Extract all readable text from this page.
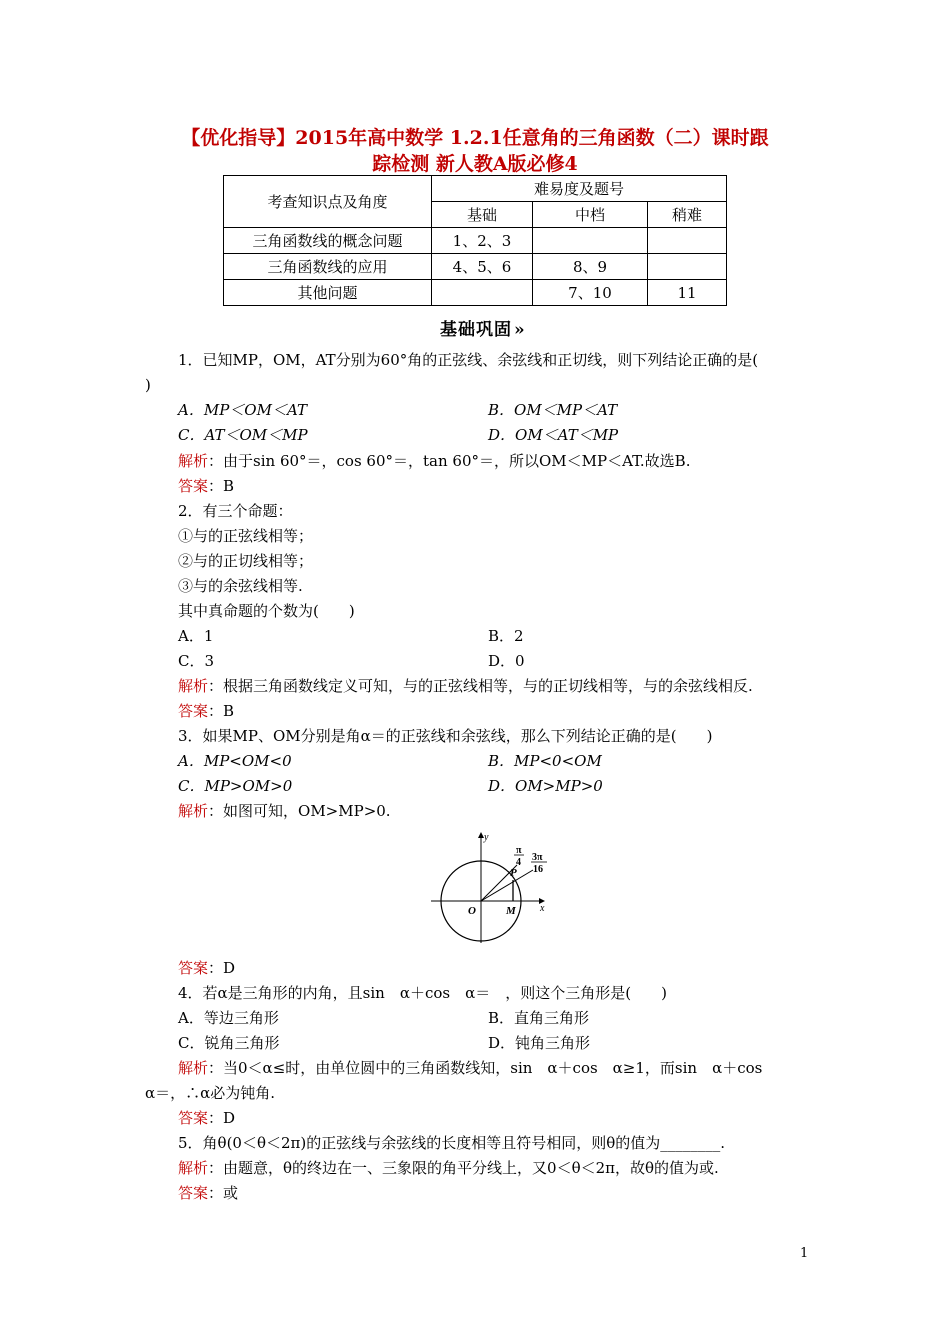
【优化指导】2015年高中数学 1.2.1任意角的三角函数（二）课时跟
踪检测 新人教A版必修4
考查知识点及角度	难易度及题号		
	基础	中档	稍难
三角函数线的概念问题	1、2、3		
三角函数线的应用	4、5、6	8、9	
其他问题		7、10	11
基础巩固 »
1．已知MP，OM，AT分别为60°角的正弦线、余弦线和正切线，则下列结论正确的是(
)
A．MP＜OM＜AT	B．OM＜MP＜AT
C．AT＜OM＜MP	D．OM＜AT＜MP
解析：由于sin 60°＝，cos 60°＝，tan 60°＝，所以OM＜MP＜AT.故选B.
答案：B
2．有三个命题：
①与的正弦线相等；
②与的正切线相等；
③与的余弦线相等.
其中真命题的个数为(　　)
A．1	B．2
C．3	D．0
解析：根据三角函数线定义可知，与的正弦线相等，与的正切线相等，与的余弦线相反.
答案：B
3．如果MP、OM分别是角α＝的正弦线和余弦线，那么下列结论正确的是(　　)
A．MP<OM<0	B．MP<0<OM
C．MP>OM>0	D．OM>MP>0
解析：如图可知，OM>MP>0.
y
x
O	M
P
π
4 3π
16
答案：D
4．若α是三角形的内角，且sin　α＋cos　α＝　，则这个三角形是(　　)
A．等边三角形	B．直角三角形
C．锐角三角形	D．钝角三角形
解析：当0＜α≤时，由单位圆中的三角函数线知，sin　α＋cos　α≥1，而sin　α＋cos
α＝，∴α必为钝角.
答案：D
5．角θ(0＜θ＜2π)的正弦线与余弦线的长度相等且符号相同，则θ的值为________.
解析：由题意，θ的终边在一、三象限的角平分线上，又0＜θ＜2π，故θ的值为或.
答案：或
1
